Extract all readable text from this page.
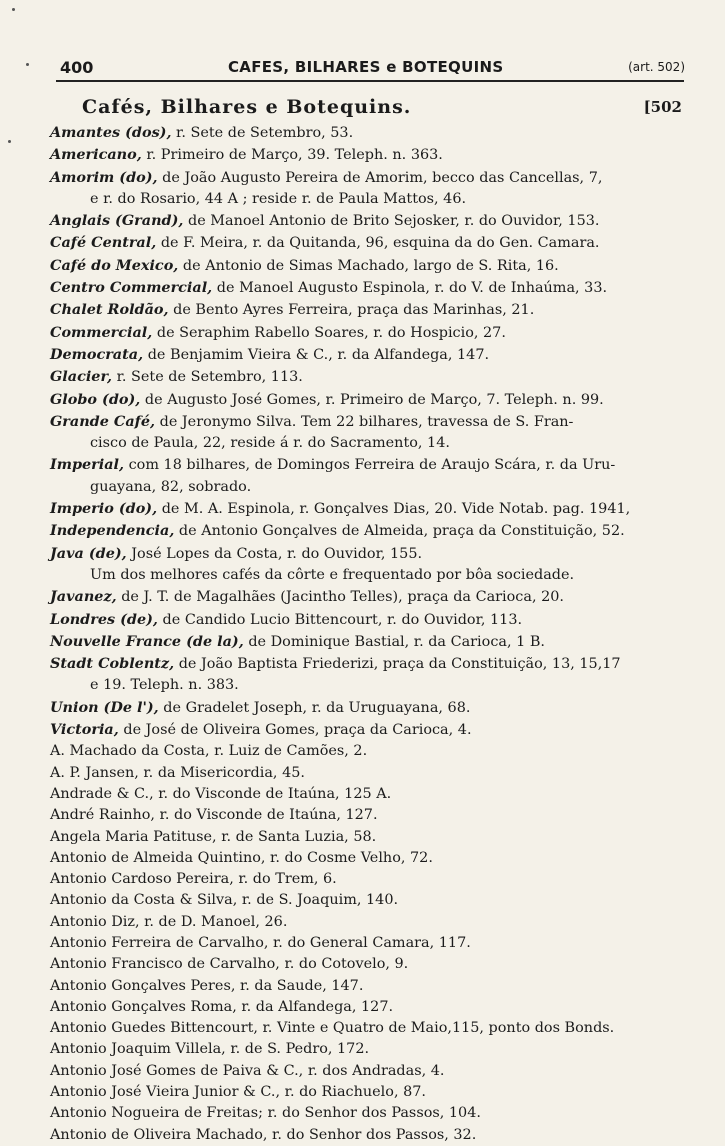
400	CAFES, BILHARES e BOTEQUINS	(art. 502)
Cafés, Bilhares e Botequins.	[502
Amantes (dos), r. Sete de Setembro, 53.
Americano, r. Primeiro de Março, 39. Teleph. n. 363.
Amorim (do), de João Augusto Pereira de Amorim, becco das Cancellas, 7,
e r. do Rosario, 44 A ; reside r. de Paula Mattos, 46.
Anglais (Grand), de Manoel Antonio de Brito Sejosker, r. do Ouvidor, 153.
Café Central, de F. Meira, r. da Quitanda, 96, esquina da do Gen. Camara.
Café do Mexico, de Antonio de Simas Machado, largo de S. Rita, 16.
Centro Commercial, de Manoel Augusto Espinola, r. do V. de Inhaúma, 33.
Chalet Roldão, de Bento Ayres Ferreira, praça das Marinhas, 21.
Commercial, de Seraphim Rabello Soares, r. do Hospicio, 27.
Democrata, de Benjamim Vieira & C., r. da Alfandega, 147.
Glacier, r. Sete de Setembro, 113.
Globo (do), de Augusto José Gomes, r. Primeiro de Março, 7. Teleph. n. 99.
Grande Café, de Jeronymo Silva. Tem 22 bilhares, travessa de S. Fran-
cisco de Paula, 22, reside á r. do Sacramento, 14.
Imperial, com 18 bilhares, de Domingos Ferreira de Araujo Scára, r. da Uru-
guayana, 82, sobrado.
Imperio (do), de M. A. Espinola, r. Gonçalves Dias, 20. Vide Notab. pag. 1941,
Independencia, de Antonio Gonçalves de Almeida, praça da Constituição, 52.
Java (de), José Lopes da Costa, r. do Ouvidor, 155.
Um dos melhores cafés da côrte e frequentado por bôa sociedade.
Javanez, de J. T. de Magalhães (Jacintho Telles), praça da Carioca, 20.
Londres (de), de Candido Lucio Bittencourt, r. do Ouvidor, 113.
Nouvelle France (de la), de Dominique Bastial, r. da Carioca, 1 B.
Stadt Coblentz, de João Baptista Friederizi, praça da Constituição, 13, 15,17
e 19. Teleph. n. 383.
Union (De l'), de Gradelet Joseph, r. da Uruguayana, 68.
Victoria, de José de Oliveira Gomes, praça da Carioca, 4.
A. Machado da Costa, r. Luiz de Camões, 2.
A. P. Jansen, r. da Misericordia, 45.
Andrade & C., r. do Visconde de Itaúna, 125 A.
André Rainho, r. do Visconde de Itaúna, 127.
Angela Maria Patituse, r. de Santa Luzia, 58.
Antonio de Almeida Quintino, r. do Cosme Velho, 72.
Antonio Cardoso Pereira, r. do Trem, 6.
Antonio da Costa & Silva, r. de S. Joaquim, 140.
Antonio Diz, r. de D. Manoel, 26.
Antonio Ferreira de Carvalho, r. do General Camara, 117.
Antonio Francisco de Carvalho, r. do Cotovelo, 9.
Antonio Gonçalves Peres, r. da Saude, 147.
Antonio Gonçalves Roma, r. da Alfandega, 127.
Antonio Guedes Bittencourt, r. Vinte e Quatro de Maio,115, ponto dos Bonds.
Antonio Joaquim Villela, r. de S. Pedro, 172.
Antonio José Gomes de Paiva & C., r. dos Andradas, 4.
Antonio José Vieira Junior & C., r. do Riachuelo, 87.
Antonio Nogueira de Freitas; r. do Senhor dos Passos, 104.
Antonio de Oliveira Machado, r. do Senhor dos Passos, 32.
